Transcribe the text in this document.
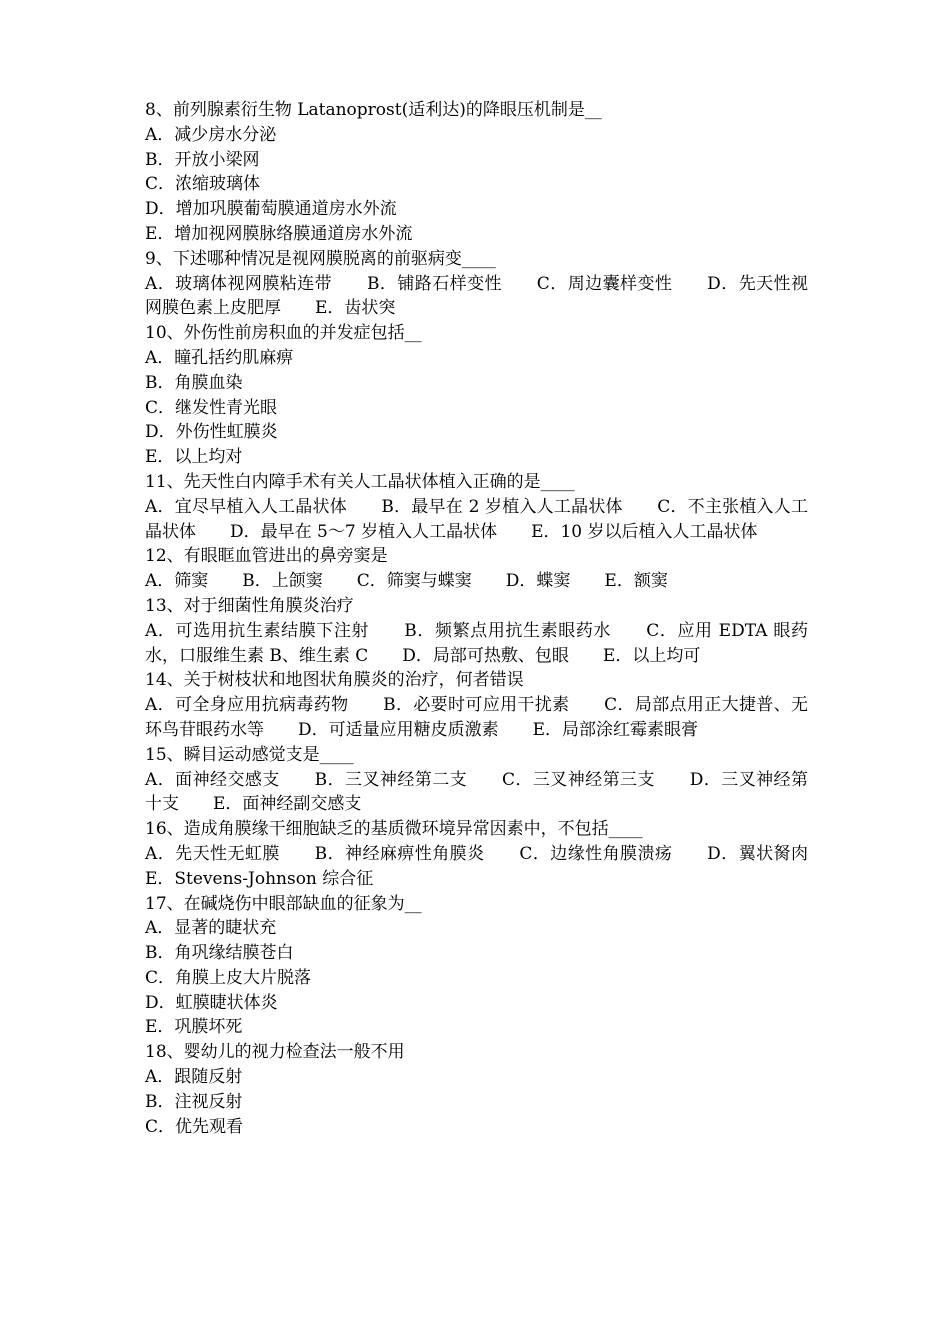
8、前列腺素衍生物 Latanoprost(适利达)的降眼压机制是__
A．减少房水分泌
B．开放小梁网
C．浓缩玻璃体
D．增加巩膜葡萄膜通道房水外流
E．增加视网膜脉络膜通道房水外流
9、下述哪种情况是视网膜脱离的前驱病变____
A．玻璃体视网膜粘连带　　B．铺路石样变性　　C．周边囊样变性　　D．先天性视网膜色素上皮肥厚　　E．齿状突
10、外伤性前房积血的并发症包括__
A．瞳孔括约肌麻痹
B．角膜血染
C．继发性青光眼
D．外伤性虹膜炎
E．以上均对
11、先天性白内障手术有关人工晶状体植入正确的是____
A．宜尽早植入人工晶状体　　B．最早在 2 岁植入人工晶状体　　C．不主张植入人工晶状体　　D．最早在 5～7 岁植入人工晶状体　　E．10 岁以后植入人工晶状体
12、有眼眶血管进出的鼻旁窦是
A．筛窦　　B．上颌窦　　C．筛窦与蝶窦　　D．蝶窦　　E．额窦
13、对于细菌性角膜炎治疗
A．可选用抗生素结膜下注射　　B．频繁点用抗生素眼药水　　C．应用 EDTA 眼药水，口服维生素 B、维生素 C　　D．局部可热敷、包眼　　E．以上均可
14、关于树枝状和地图状角膜炎的治疗，何者错误
A．可全身应用抗病毒药物　　B．必要时可应用干扰素　　C．局部点用正大捷普、无环鸟苷眼药水等　　D．可适量应用糖皮质激素　　E．局部涂红霉素眼膏
15、瞬目运动感觉支是____
A．面神经交感支　　B．三叉神经第二支　　C．三叉神经第三支　　D．三叉神经第十支　　E．面神经副交感支
16、造成角膜缘干细胞缺乏的基质微环境异常因素中，不包括____
A．先天性无虹膜　　B．神经麻痹性角膜炎　　C．边缘性角膜溃疡　　D．翼状胬肉　　E．Stevens-Johnson 综合征
17、在碱烧伤中眼部缺血的征象为__
A．显著的睫状充
B．角巩缘结膜苍白
C．角膜上皮大片脱落
D．虹膜睫状体炎
E．巩膜坏死
18、婴幼儿的视力检查法一般不用
A．跟随反射
B．注视反射
C．优先观看
